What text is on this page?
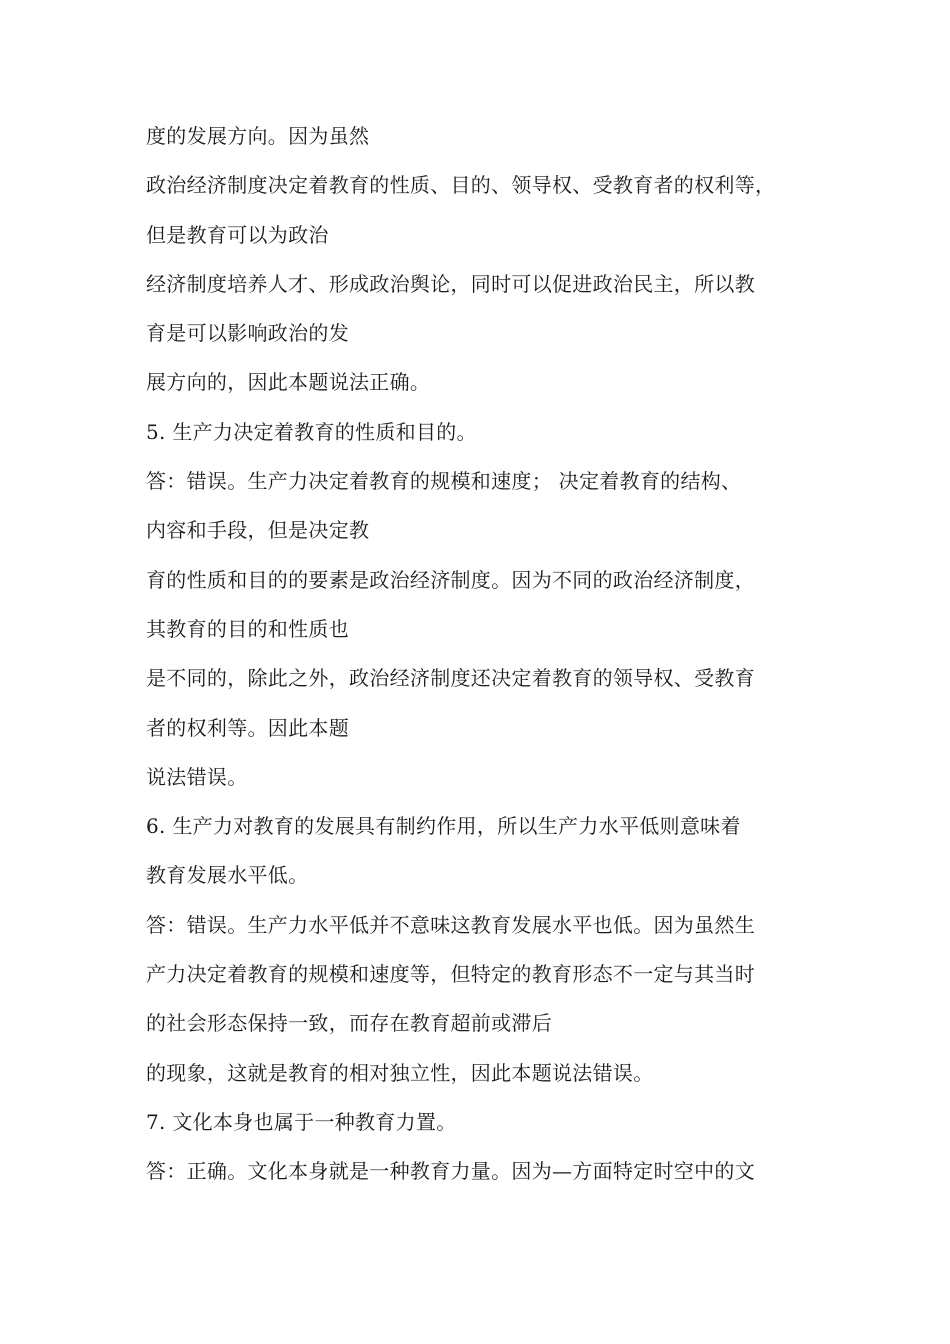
度的发展方向。因为虽然
政治经济制度决定着教育的性质、目的、领导权、受教育者的权利等，
但是教育可以为政治
经济制度培养人才、形成政治舆论，同时可以促进政治民主，所以教
育是可以影响政治的发
展方向的，因此本题说法正确。
5. 生产力决定着教育的性质和目的。
答：错误。生产力决定着教育的规模和速度； 决定着教育的结构、
内容和手段，但是决定教
育的性质和目的的要素是政治经济制度。因为不同的政治经济制度，
其教育的目的和性质也
是不同的，除此之外，政治经济制度还决定着教育的领导权、受教育
者的权利等。因此本题
说法错误。
6. 生产力对教育的发展具有制约作用，所以生产力水平低则意味着
教育发展水平低。
答：错误。生产力水平低并不意味这教育发展水平也低。因为虽然生
产力决定着教育的规模和速度等，但特定的教育形态不一定与其当时
的社会形态保持一致，而存在教育超前或滞后
的现象，这就是教育的相对独立性，因此本题说法错误。
7. 文化本身也属于一种教育力置。
答：正确。文化本身就是一种教育力量。因为—方面特定时空中的文
